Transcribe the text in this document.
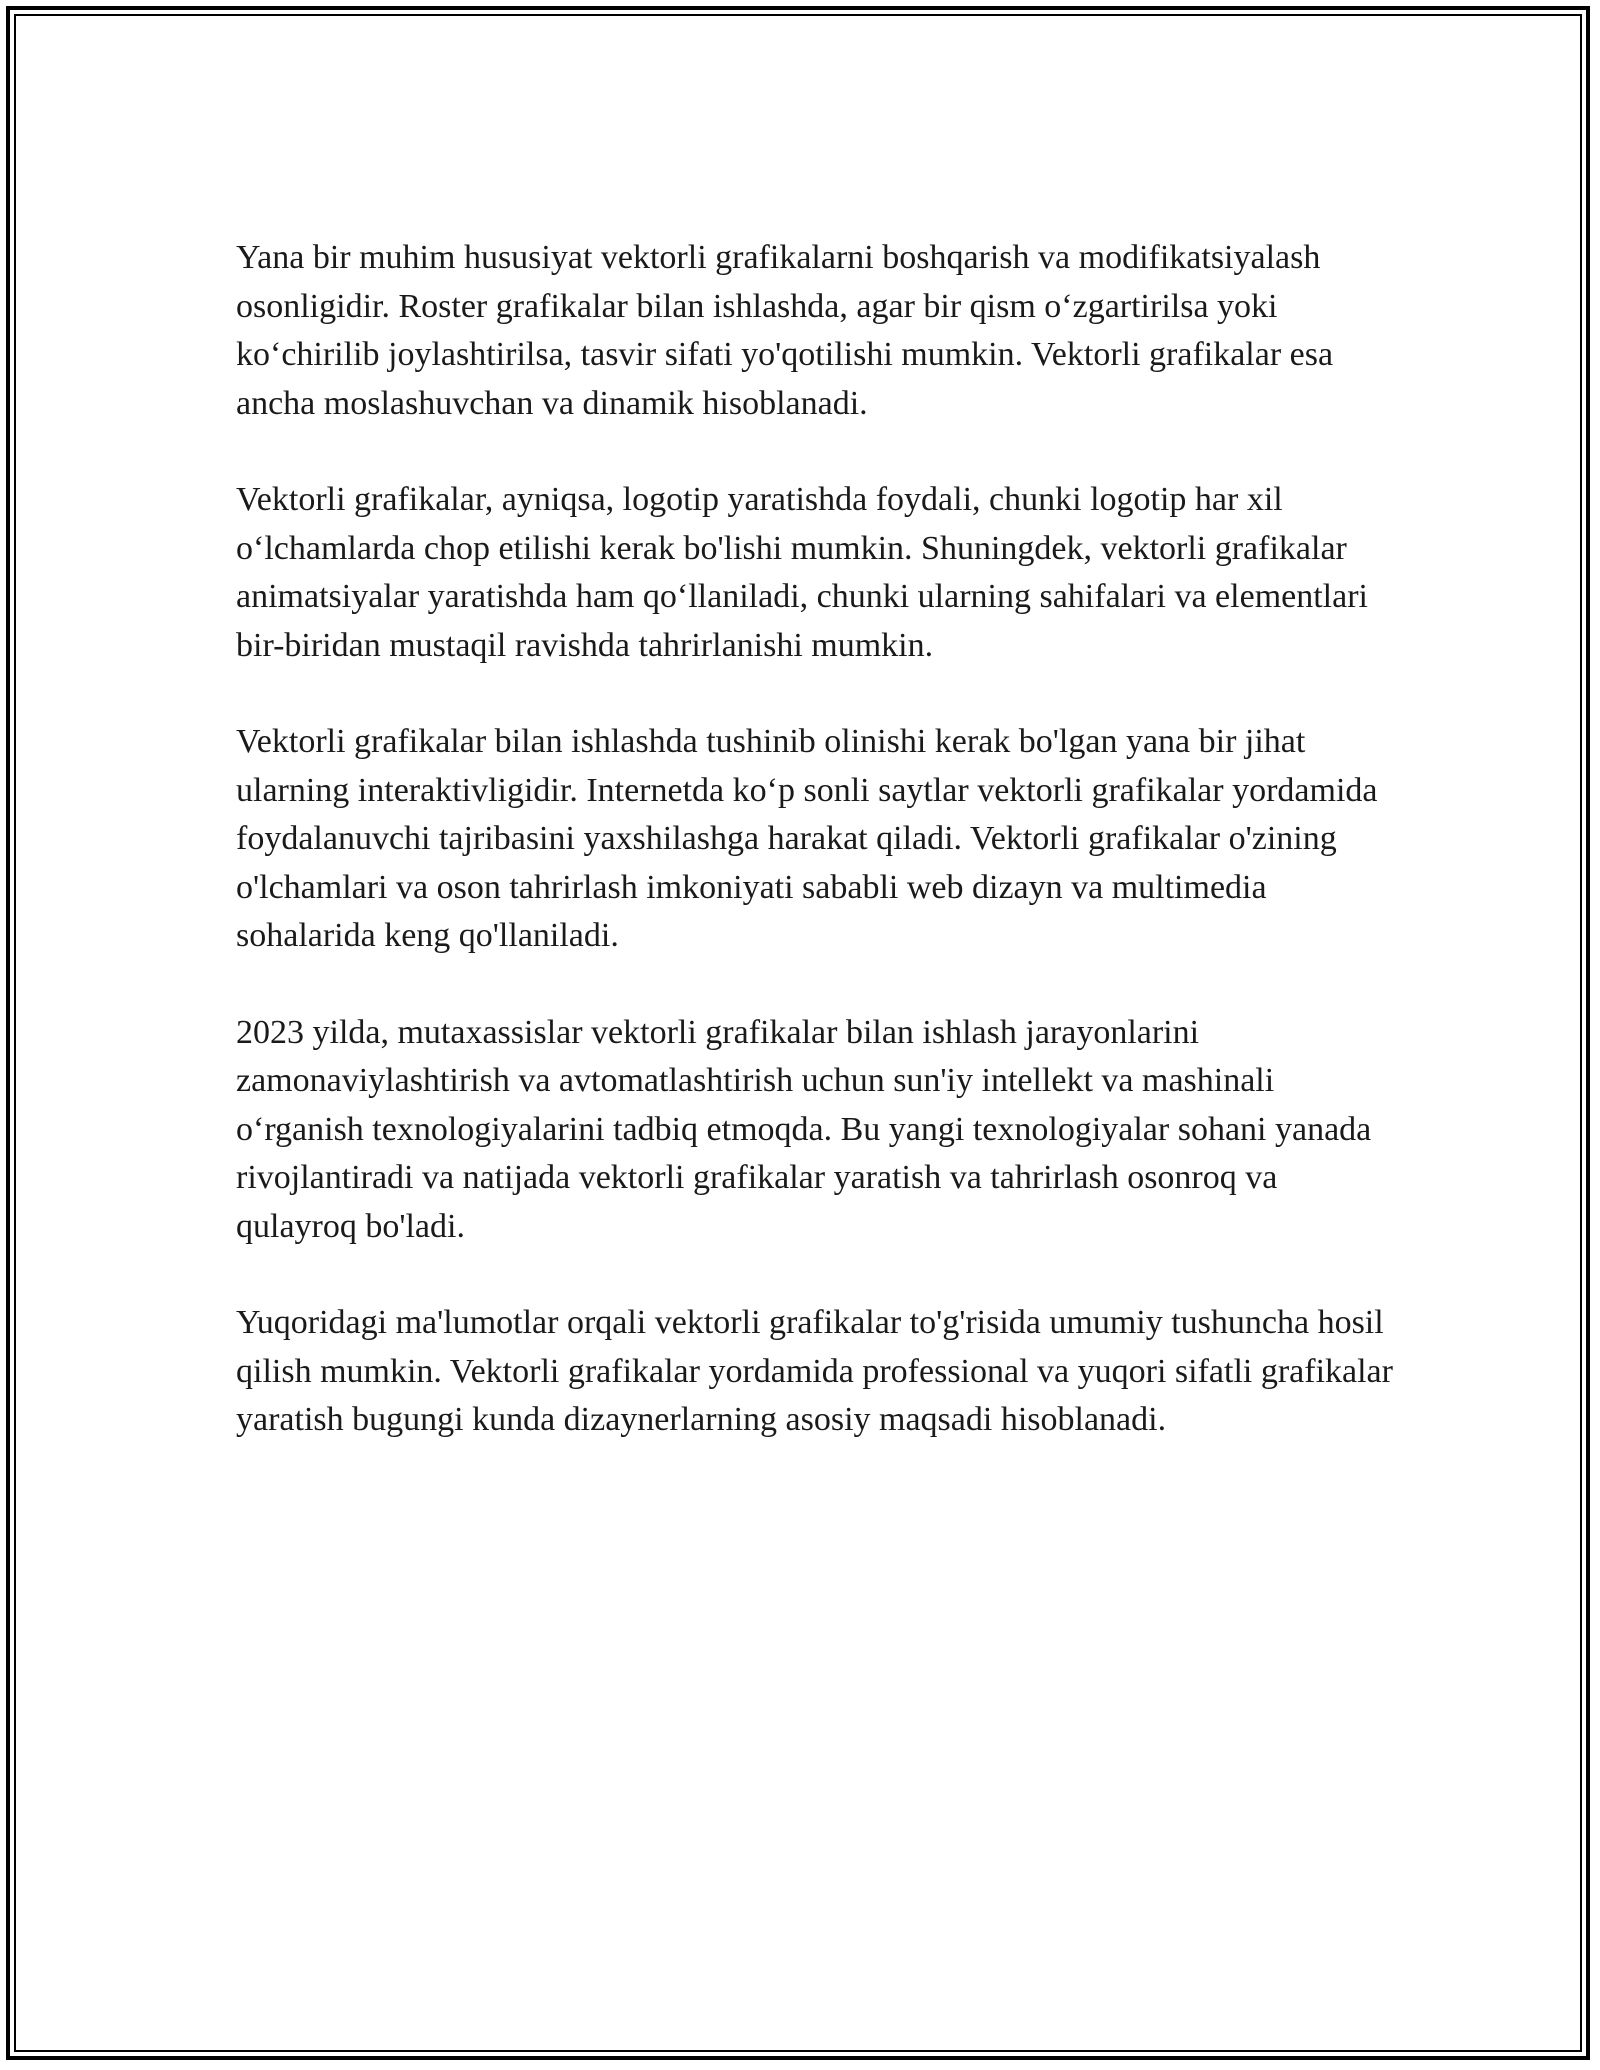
Yana bir muhim hususiyat vektorli grafikalarni boshqarish va modifikatsiyalash osonligidir. Roster grafikalar bilan ishlashda, agar bir qism oʻzgartirilsa yoki koʻchirilib joylashtirilsa, tasvir sifati yo'qotilishi mumkin. Vektorli grafikalar esa ancha moslashuvchan va dinamik hisoblanadi.

Vektorli grafikalar, ayniqsa, logotip yaratishda foydali, chunki logotip har xil oʻlchamlarda chop etilishi kerak bo'lishi mumkin. Shuningdek, vektorli grafikalar animatsiyalar yaratishda ham qoʻllaniladi, chunki ularning sahifalari va elementlari bir-biridan mustaqil ravishda tahrirlanishi mumkin.

Vektorli grafikalar bilan ishlashda tushinib olinishi kerak bo'lgan yana bir jihat ularning interaktivligidir. Internetda koʻp sonli saytlar vektorli grafikalar yordamida foydalanuvchi tajribasini yaxshilashga harakat qiladi. Vektorli grafikalar o'zining o'lchamlari va oson tahrirlash imkoniyati sababli web dizayn va multimedia sohalarida keng qo'llaniladi.

2023 yilda, mutaxassislar vektorli grafikalar bilan ishlash jarayonlarini zamonaviylashtirish va avtomatlashtirish uchun sun'iy intellekt va mashinali oʻrganish texnologiyalarini tadbiq etmoqda. Bu yangi texnologiyalar sohani yanada rivojlantiradi va natijada vektorli grafikalar yaratish va tahrirlash osonroq va qulayroq bo'ladi.

Yuqoridagi ma'lumotlar orqali vektorli grafikalar to'g'risida umumiy tushuncha hosil qilish mumkin. Vektorli grafikalar yordamida professional va yuqori sifatli grafikalar yaratish bugungi kunda dizaynerlarning asosiy maqsadi hisoblanadi.
